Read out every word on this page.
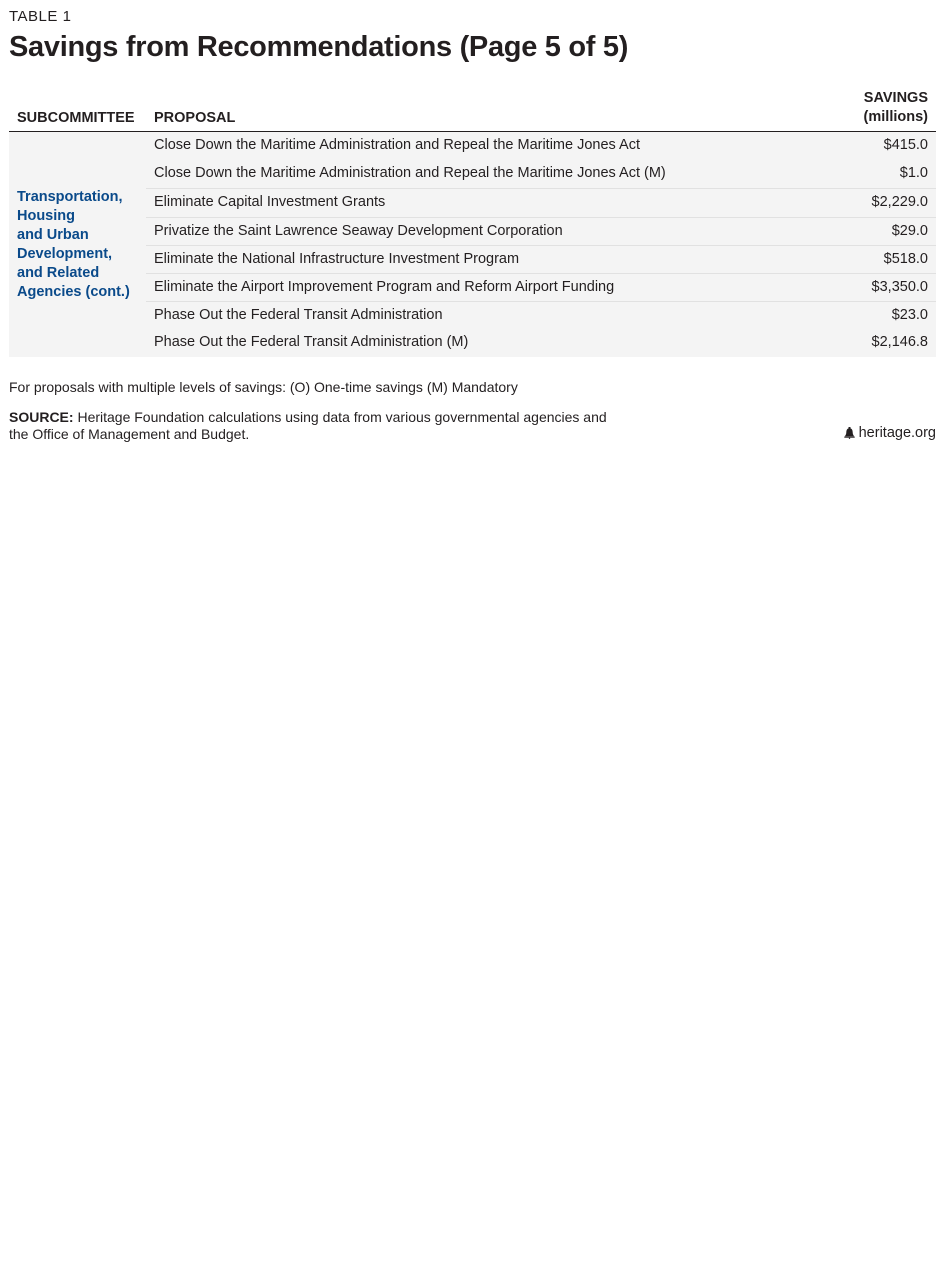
TABLE 1
Savings from Recommendations (Page 5 of 5)
SUBCOMMITTEE PROPOSAL
SAVINGS
(millions)
Transportation,
Housing
and Urban
Development,
and Related
Agencies (cont.)
Close Down the Maritime Administration and Repeal the Maritime Jones Act	$415.0
Close Down the Maritime Administration and Repeal the Maritime Jones Act (M)	$1.0
Eliminate Capital Investment Grants	$2,229.0
Privatize the Saint Lawrence Seaway Development Corporation	$29.0
Eliminate the National Infrastructure Investment Program	$518.0
Eliminate the Airport Improvement Program and Reform Airport Funding	$3,350.0
Phase Out the Federal Transit Administration	$23.0
Phase Out the Federal Transit Administration (M)	$2,146.8
For proposals with multiple levels of savings: (O) One-time savings (M) Mandatory
SOURCE: Heritage Foundation calculations using data from various governmental agencies and the Office of Management and Budget.	heritage.org
